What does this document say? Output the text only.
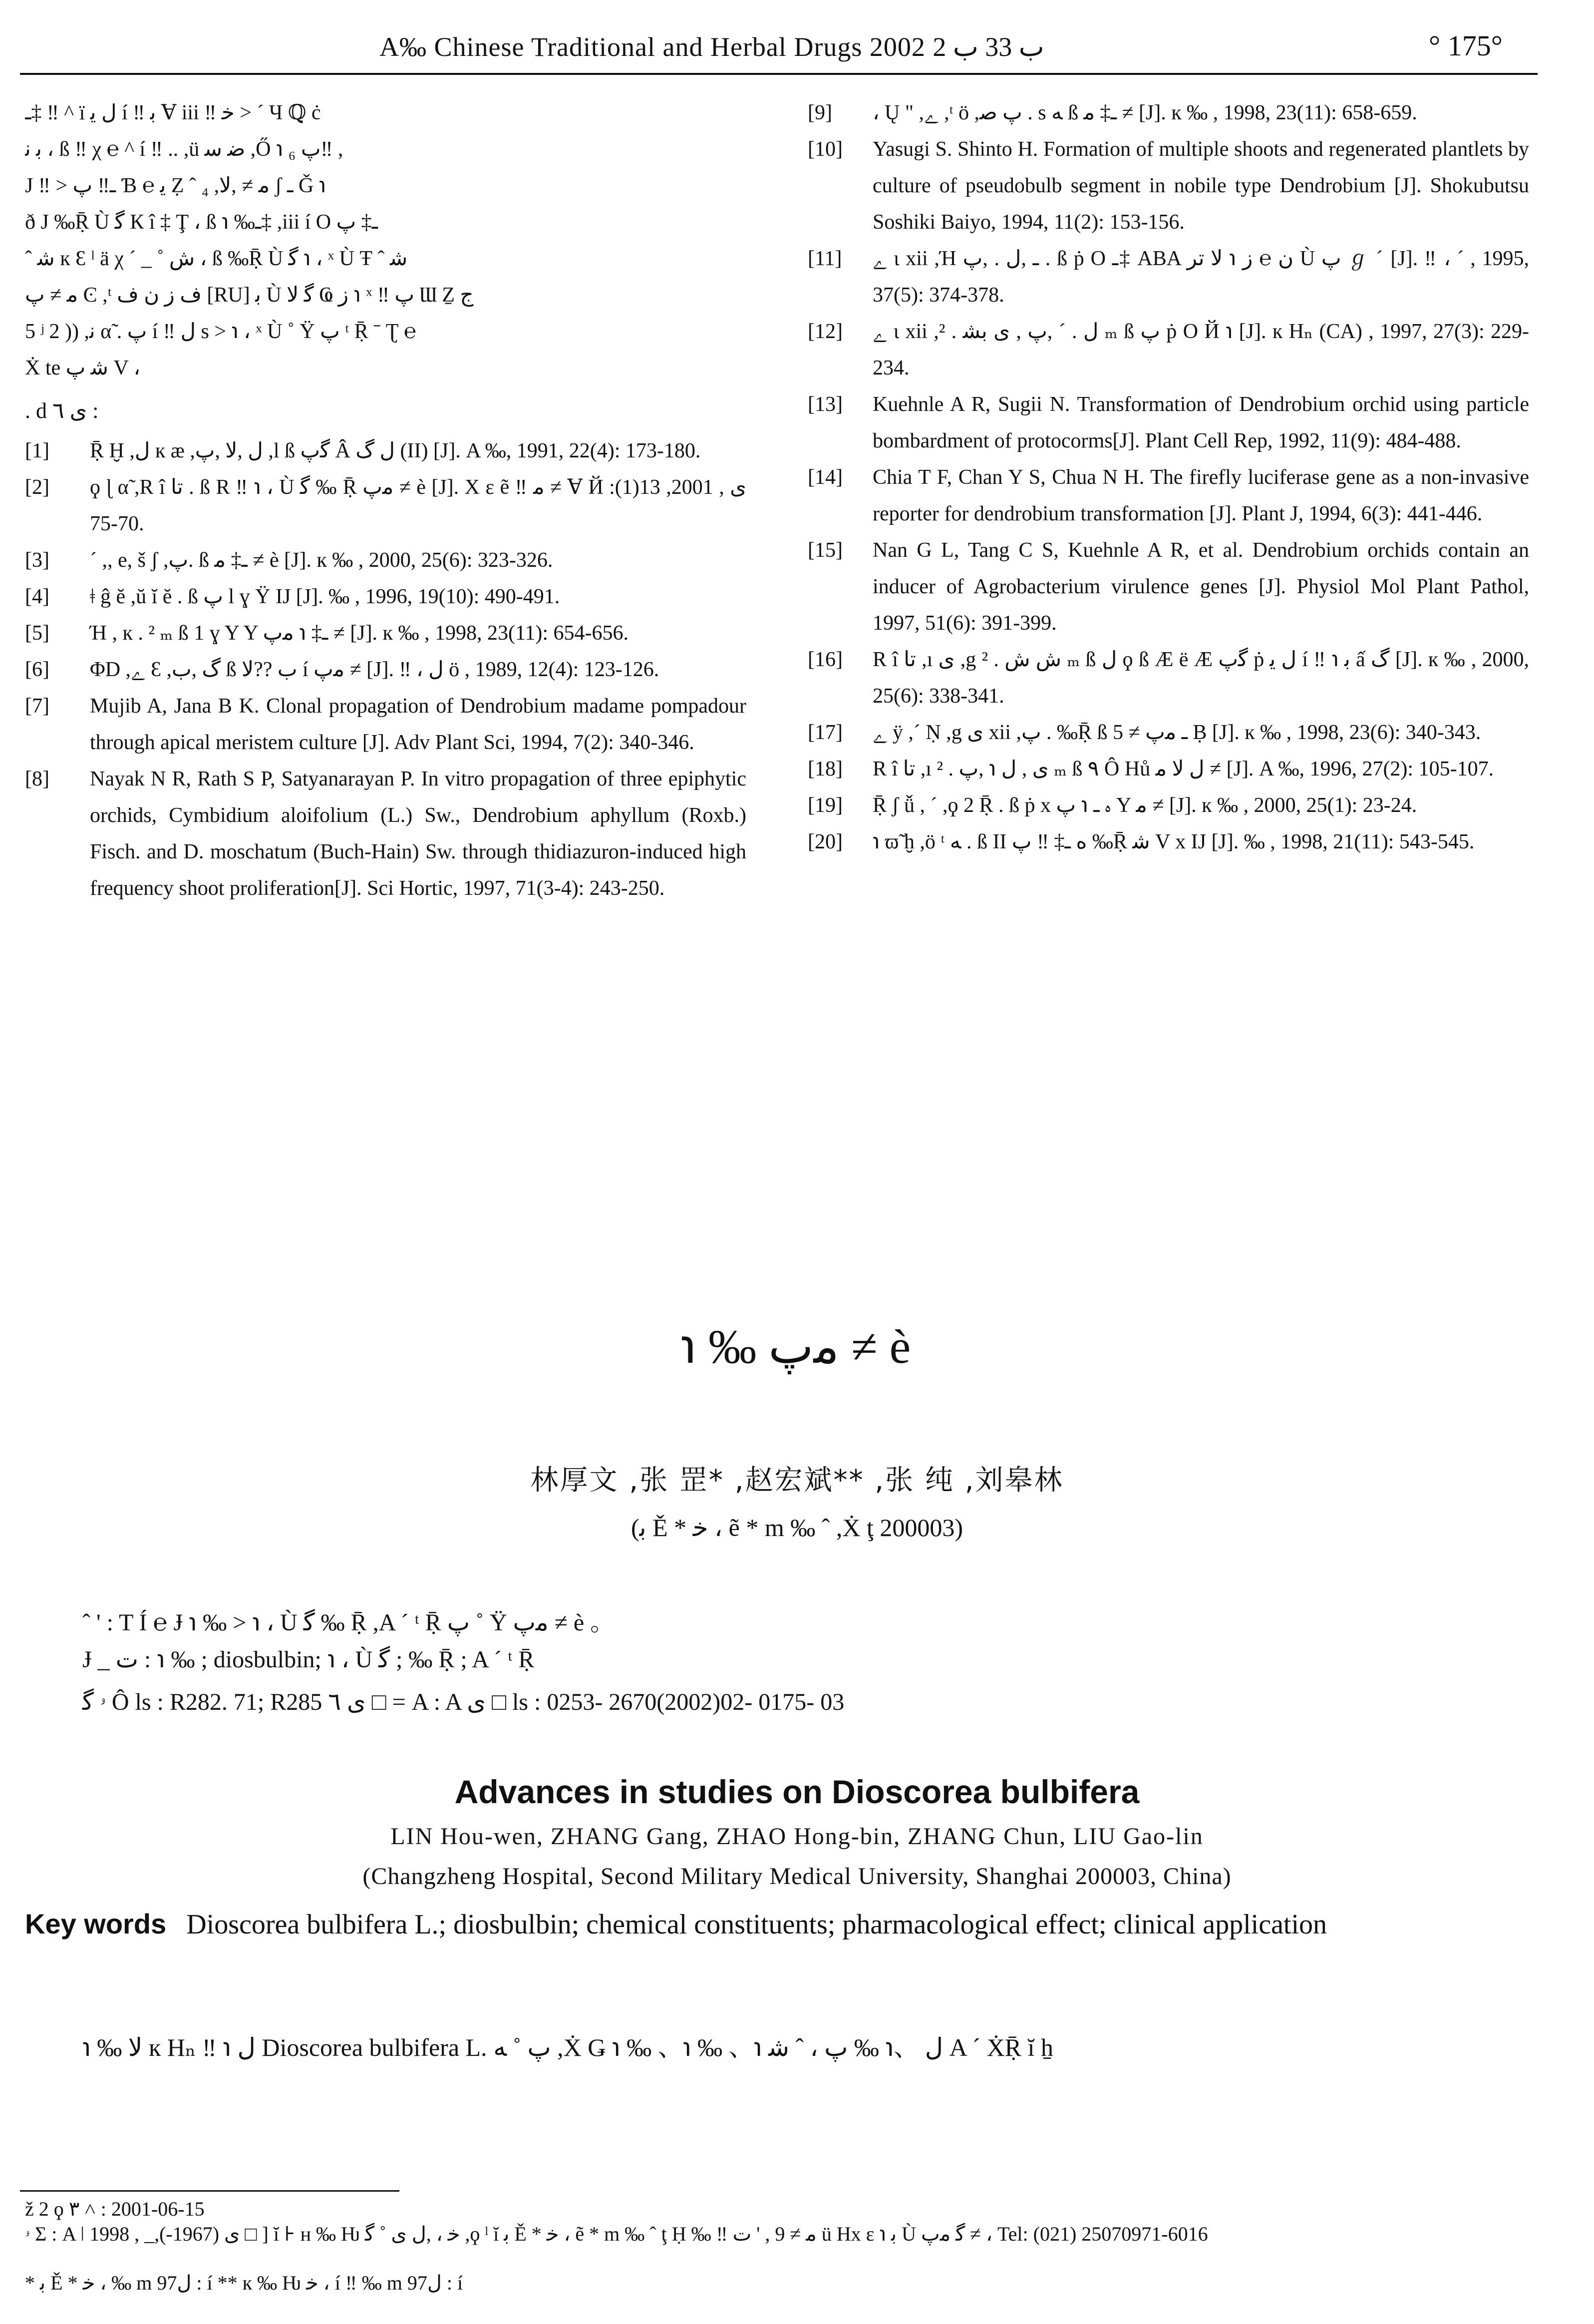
A‰ Chinese Traditional and Herbal Drugs 2002 ب 33 ب 2	° 175°

ـ‡ ‼ ^ ï ﻝ ﯾ í ‼ ﺑ Ɐ iii ‼ ﺧ > ´ Ч ℚ ċ

ﺑ ﻧ ، ß ‼ χ ℮ ^ í ‼ .. ,ü ﺿ ﺳ ,Ő ℩ ₆ ﭖ‼ ,

J ‼ > ـ‼ ﭖ Ɓ ℮ ﯾ Ẓ ˆ ﻣ ≠ ,ﻻ, ₄ ʃ ـ Ǧ ℩

ð J ‰Ṝ Ù ﮔ К î ‡ Ţ ، ß ℩ ‰ـ‡ ,iii í O ـ‡ ﭖ

ˆ ﺷ к Ɛ ˡ ä χ ´ _ ˚ ﺵ ، ß ‰Ṝ Ù ﮔ ℩ ، ˣ Ù Ŧ ˆ ﺷ

ﻣ ≠ ﭖ Ͼ ,ᵗ ﻑ ﺯ ﻥ ﻑ [RU] ﺑ Ù ﮔ ﻻ Ҩ ﺯ ℩ ˣ ‼ ﭖ Ɯ Ẕ ﺝ

5 ʲ 2 )) ,ﻧ α̃ . ﭖ í ‼ ﻝ s > ℩ ، ˣ Ù ˚ Ÿ ﭖ ᵗ Ṝ ˉ Ʈ ℮

Ẋ te ﺷ ﭖ V ،

. d ﻯ ٦ :
[1] Ṝ Ḫ ,ﻝ к æ ,ﻝ ,ﻻ ,ﭖ ,l ß ﮔﭖ Â ﻝ ﮒ (II) [J]. A ‰, 1991, 22(4): 173-180.
[2] ϙ ɭ α̃ ,R î ﺗﺎ . ß R ‼ ℩ ، Ù ﮔ ‰ Ṝ ﻣﭖ ≠ è [J]. X ε ẽ ‼ ﻣ ≠ Ɐ Й ﯼ , 2001, 13(1): 70-75.
[3] ´ ,, e, š ʃ ,ﭖ. ß ـ‡ ﻣ ≠ è [J]. к ‰ , 2000, 25(6): 323-326.
[4] ǂ ĝ ĕ ,ŭ ĭ ĕ . ß ﭖ l ɣ Ÿ IJ [J]. ‰ , 1996, 19(10): 490-491.
[5] Ή , к . ² ₘ ß 1 ɣ Y Y ـ‡ ℩ ﻣﭖ ≠ [J]. к ‰ , 1998, 23(11): 654-656.
[6] ΦD ,ﮮ Ɛ ,ﮒ ,ﺏ ß ﺏ ??ﻻ í ﻣﭖ ≠ [J]. ‼ ، ﻝ ö , 1989, 12(4): 123-126.
[7] Mujib A, Jana B K. Clonal propagation of Dendrobium madame pompadour through apical meristem culture [J]. Adv Plant Sci, 1994, 7(2): 340-346.
[8] Nayak N R, Rath S P, Satyanarayan P. In vitro propagation of three epiphytic orchids, Cymbidium aloifolium (L.) Sw., Dendrobium aphyllum (Roxb.) Fisch. and D. moschatum (Buch-Hain) Sw. through thidiazuron-induced high frequency shoot proliferation[J]. Sci Hortic, 1997, 71(3-4): 243-250.
[9] ، Ų " ,ﮮ ,ᵗ ö ,ﭖ ﺻ . s ﻪ ß ـ‡ ﻣ ≠ [J]. к ‰ , 1998, 23(11): 658-659.
[10] Yasugi S. Shinto H. Formation of multiple shoots and regenerated plantlets by culture of pseudobulb segment in nobile type Dendrobium [J]. Shokubutsu Soshiki Baiyo, 1994, 11(2): 153-156.
[11] ﮮ ɩ xii ,Ή ـ ,ﻝ . ,ﭖ . ß ṗ O ـ‡ ABA ﻥ ℮ ﺯ ℩ ﻻ ﺗﺮ Ù ﭖ ℊ ˊ [J]. ‼ ، ´ , 1995, 37(5): 374-378.
[12] ﮮ ɩ xii ,ﻝ . ´ ,ﭖ , ﯼ ﺑﺸ . ² ₘ ß ﭖ ṗ O Й ℩ [J]. к Hₙ (CA) , 1997, 27(3): 229-234.
[13] Kuehnle A R, Sugii N. Transformation of Dendrobium orchid using particle bombardment of protocorms[J]. Plant Cell Rep, 1992, 11(9): 484-488.
[14] Chia T F, Chan Y S, Chua N H. The firefly luciferase gene as a non-invasive reporter for dendrobium transformation [J]. Plant J, 1994, 6(3): 441-446.
[15] Nan G L, Tang C S, Kuehnle A R, et al. Dendrobium orchids contain an inducer of Agrobacterium virulence genes [J]. Physiol Mol Plant Pathol, 1997, 51(6): 391-399.
[16] R î ﺗﺎ ,ı ﯼ ,g ﺵ ﺵ . ² ₘ ß ﻝ ϙ ß Æ ë Æ ﮔﭖ ṗ ﻝ ﯾ í ‼ ℩ ﺑ ấ ﮒ [J]. к ‰ , 2000, 25(6): 338-341.
[17] ﮮ ÿ ,´ Ṇ ,g ﯼ xii ,ﭖ . ‰Ṝ ß ـ ﻣﭖ ≠ 5 Ḅ [J]. к ‰ , 1998, 23(6): 340-343.
[18] R î ﺗﺎ ,ı ﯼ , ﻝ ℩ ,ﭖ . ² ₘ ß ٩ Ô Hů ﻝ ﻻ ﻣ ≠ [J]. A ‰, 1996, 27(2): 105-107.
[19] Ṝ ʃ ǚ , ´ ,ϙ 2 Ṝ . ß ṗ x ﮦ ـ ℩ ﭖ Y ﻣ ≠ [J]. к ‰ , 2000, 25(1): 23-24.
[20] ℩ ϖ̃ ḫ ,ö ᵗ ﻪ . ß II ﻩ ـ‡ ‼ ﭖ ‰Ṝ ﺷ V x IJ [J]. ‰ , 1998, 21(11): 543-545.
℩ ‰ ﻣﭖ ≠ è
林厚文 ,张 罡* ,赵宏斌** ,张 纯 ,刘皋林
(ﺑ Ě * ﺧ ، ẽ * m ‰ ˆ ,Ẋ ţ 200003)
ˆ ' : T Í ℮ Ɉ ℩ ‰ > ℩ ، Ù ﮔ ‰ Ṝ ,A ´ ᵗ Ṝ ﭖ ˚ Ÿ ﻣﭖ ≠ è 。
Ɉ _ ﺕ : ℩ ‰ ; diosbulbin; ℩ ، Ù ﮔ ; ‰ Ṝ ; A ´ ᵗ Ṝ
ۥ ﮔ Ô ls : R282. 71; R285 ﯼ ٦ □ = A : A ﯼ □ ls : 0253- 2670(2002)02- 0175- 03
Advances in studies on Dioscorea bulbifera
LIN Hou-wen, ZHANG Gang, ZHAO Hong-bin, ZHANG Chun, LIU Gao-lin
(Changzheng Hospital, Second Military Medical University, Shanghai 200003, China)
Key words Dioscorea bulbifera L.; diosbulbin; chemical constituents; pharmacological effect; clinical application
℩ ‰ ﻻ к Hₙ ‼ ℩ ﻝ Dioscorea bulbifera L. ﭖ ˚ ﻪ ,Ẋ Ǥ ℩ ‰ 、℩ ‰ 、℩ ﻝ 、℩ ‰ ﭖ ، ˆ ﺷ A ´ ẊṜ ĭ ẖ
ž 2 ϙ ٣ ˄ : 2001-06-15
ۥ Σ : A ǀ ﯼ (1967-),_ , 1998 □ ] ĭ ⊦ ʜ ‰ Ƕ ﺧ ، ,ﻝ ﻯ ˚ ﮔ ,ϙ ˡ ĭ ﺑ Ě * ﺧ ، ẽ * m ‰ ˆ ţ Ḥ ‰ ‼ ﻣ ≠ 9 , ' ﺕ ü Hx ε ℩ ﺑ Ù ﮔ ﻣﭖ ≠ ، Tel: (021) 25070971-6016
* ﺑ Ě * ﺧ ، ‰ m 97ﻝ : í ** к ‰ Ƕ ﺧ ، í ‼ ‰ m 97ﻝ : í
